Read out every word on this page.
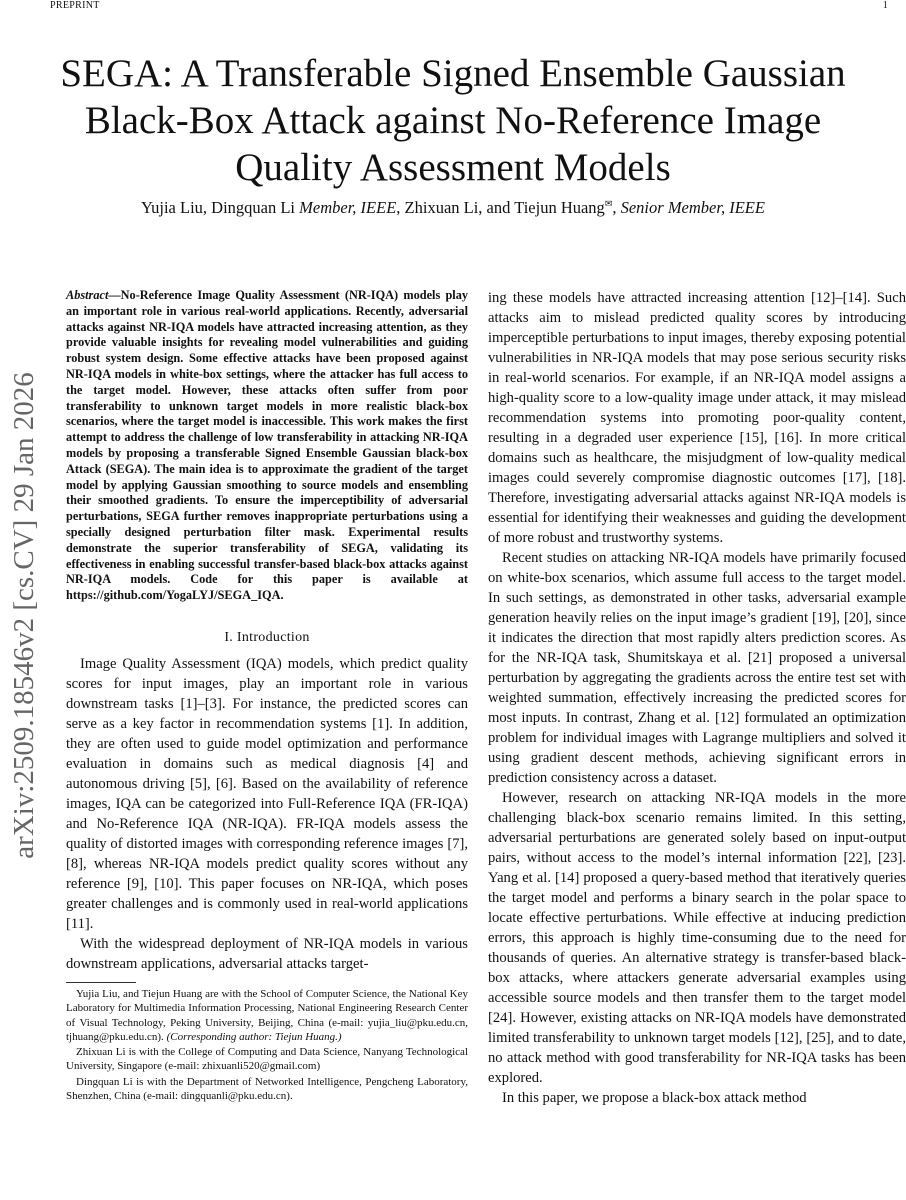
PREPRINT	1
arXiv:2509.18546v2 [cs.CV] 29 Jan 2026
SEGA: A Transferable Signed Ensemble Gaussian Black-Box Attack against No-Reference Image Quality Assessment Models
Yujia Liu, Dingquan Li Member, IEEE, Zhixuan Li, and Tiejun Huang✉, Senior Member, IEEE

Abstract—No-Reference Image Quality Assessment (NR-IQA) models play an important role in various real-world applications. Recently, adversarial attacks against NR-IQA models have attracted increasing attention, as they provide valuable insights for revealing model vulnerabilities and guiding robust system design. Some effective attacks have been proposed against NR-IQA models in white-box settings, where the attacker has full access to the target model. However, these attacks often suffer from poor transferability to unknown target models in more realistic black-box scenarios, where the target model is inaccessible. This work makes the first attempt to address the challenge of low transferability in attacking NR-IQA models by proposing a transferable Signed Ensemble Gaussian black-box Attack (SEGA). The main idea is to approximate the gradient of the target model by applying Gaussian smoothing to source models and ensembling their smoothed gradients. To ensure the imperceptibility of adversarial perturbations, SEGA further removes inappropriate perturbations using a specially designed perturbation filter mask. Experimental results demonstrate the superior transferability of SEGA, validating its effectiveness in enabling successful transfer-based black-box attacks against NR-IQA models. Code for this paper is available at https://github.com/YogaLYJ/SEGA_IQA.

I. Introduction

Image Quality Assessment (IQA) models, which predict quality scores for input images, play an important role in various downstream tasks [1]–[3]. For instance, the predicted scores can serve as a key factor in recommendation systems [1]. In addition, they are often used to guide model optimization and performance evaluation in domains such as medical diagnosis [4] and autonomous driving [5], [6]. Based on the availability of reference images, IQA can be categorized into Full-Reference IQA (FR-IQA) and No-Reference IQA (NR-IQA). FR-IQA models assess the quality of distorted images with corresponding reference images [7], [8], whereas NR-IQA models predict quality scores without any reference [9], [10]. This paper focuses on NR-IQA, which poses greater challenges and is commonly used in real-world applications [11].

With the widespread deployment of NR-IQA models in various downstream applications, adversarial attacks target-

Yujia Liu, and Tiejun Huang are with the School of Computer Science, the National Key Laboratory for Multimedia Information Processing, National Engineering Research Center of Visual Technology, Peking University, Beijing, China (e-mail: yujia_liu@pku.edu.cn, tjhuang@pku.edu.cn). (Corresponding author: Tiejun Huang.)

Zhixuan Li is with the College of Computing and Data Science, Nanyang Technological University, Singapore (e-mail: zhixuanli520@gmail.com)

Dingquan Li is with the Department of Networked Intelligence, Pengcheng Laboratory, Shenzhen, China (e-mail: dingquanli@pku.edu.cn).

ing these models have attracted increasing attention [12]–[14]. Such attacks aim to mislead predicted quality scores by introducing imperceptible perturbations to input images, thereby exposing potential vulnerabilities in NR-IQA models that may pose serious security risks in real-world scenarios. For example, if an NR-IQA model assigns a high-quality score to a low-quality image under attack, it may mislead recommendation systems into promoting poor-quality content, resulting in a degraded user experience [15], [16]. In more critical domains such as healthcare, the misjudgment of low-quality medical images could severely compromise diagnostic outcomes [17], [18]. Therefore, investigating adversarial attacks against NR-IQA models is essential for identifying their weaknesses and guiding the development of more robust and trustworthy systems.

Recent studies on attacking NR-IQA models have primarily focused on white-box scenarios, which assume full access to the target model. In such settings, as demonstrated in other tasks, adversarial example generation heavily relies on the input image’s gradient [19], [20], since it indicates the direction that most rapidly alters prediction scores. As for the NR-IQA task, Shumitskaya et al. [21] proposed a universal perturbation by aggregating the gradients across the entire test set with weighted summation, effectively increasing the predicted scores for most inputs. In contrast, Zhang et al. [12] formulated an optimization problem for individual images with Lagrange multipliers and solved it using gradient descent methods, achieving significant errors in prediction consistency across a dataset.

However, research on attacking NR-IQA models in the more challenging black-box scenario remains limited. In this setting, adversarial perturbations are generated solely based on input-output pairs, without access to the model’s internal information [22], [23]. Yang et al. [14] proposed a query-based method that iteratively queries the target model and performs a binary search in the polar space to locate effective perturbations. While effective at inducing prediction errors, this approach is highly time-consuming due to the need for thousands of queries. An alternative strategy is transfer-based black-box attacks, where attackers generate adversarial examples using accessible source models and then transfer them to the target model [24]. However, existing attacks on NR-IQA models have demonstrated limited transferability to unknown target models [12], [25], and to date, no attack method with good transferability for NR-IQA tasks has been explored.

In this paper, we propose a black-box attack method
